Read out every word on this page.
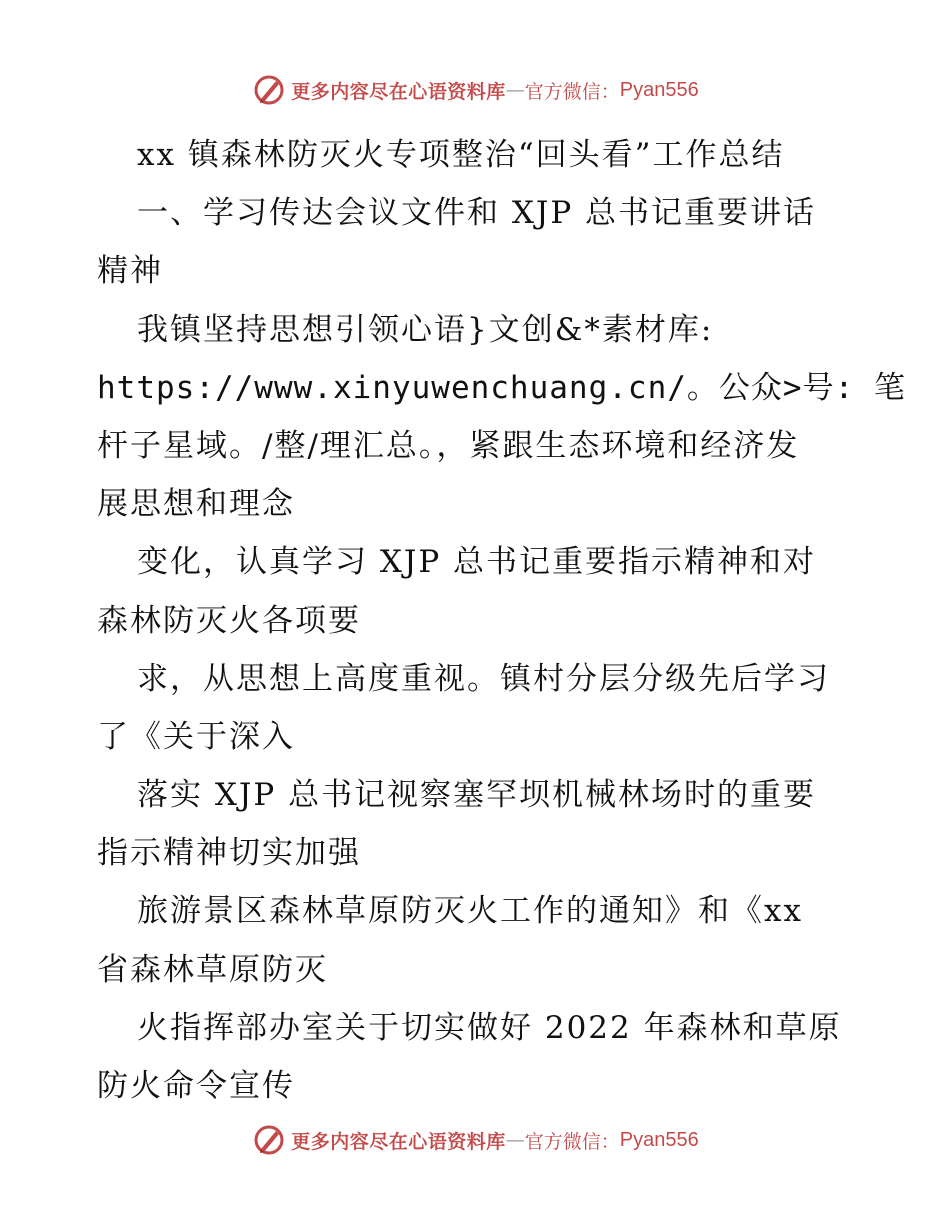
更多内容尽在心语资料库 — 官方微信： Pyan556
xx 镇森林防灭火专项整治“回头看”工作总结
一、学习传达会议文件和 XJP 总书记重要讲话
精神
我镇坚持思想引领心语}文创&*素材库:
https://www.xinyuwenchuang.cn/。公众>号: 笔
杆子星域。/整/理汇总。，紧跟生态环境和经济发
展思想和理念
变化，认真学习 XJP 总书记重要指示精神和对
森林防灭火各项要
求，从思想上高度重视。镇村分层分级先后学习
了《关于深入
落实 XJP 总书记视察塞罕坝机械林场时的重要
指示精神切实加强
旅游景区森林草原防灭火工作的通知》和《xx
省森林草原防灭
火指挥部办室关于切实做好 2022 年森林和草原
防火命令宣传
更多内容尽在心语资料库 — 官方微信： Pyan556
